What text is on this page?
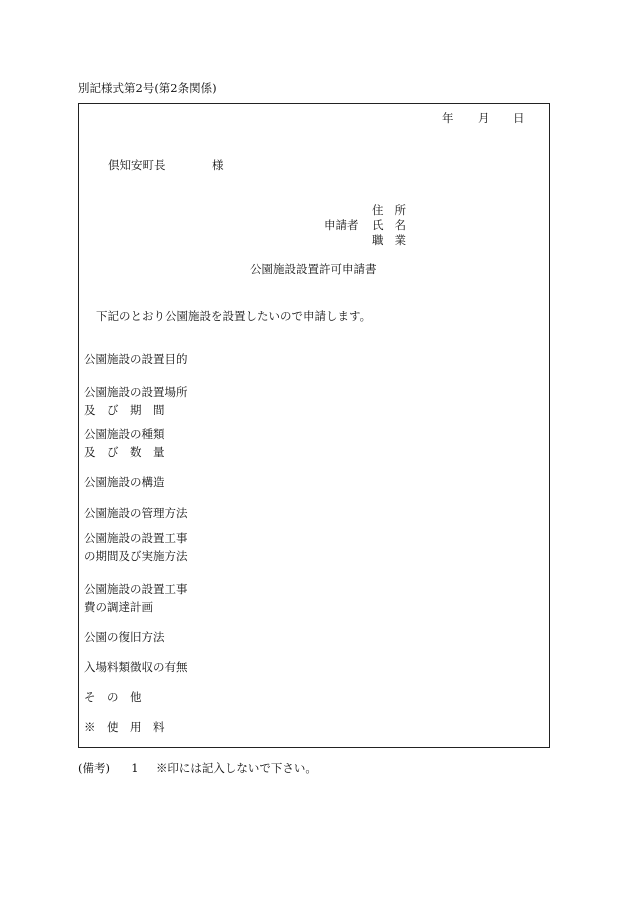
別記様式第2号(第2条関係)
年 月 日
倶知安町長	様
住 所
申請者 氏 名
職 業
公園施設設置許可申請書
下記のとおり公園施設を設置したいので申請します。
公園施設の設置目的
公園施設の設置場所
及　び　期　間
公園施設の種類
及　び　数　量
公園施設の構造
公園施設の管理方法
公園施設の設置工事
の期間及び実施方法
公園施設の設置工事
費の調達計画
公園の復旧方法
入場料類徴収の有無
そ　の　他
※　使　用　料
(備考) 1 ※印には記入しないで下さい。
